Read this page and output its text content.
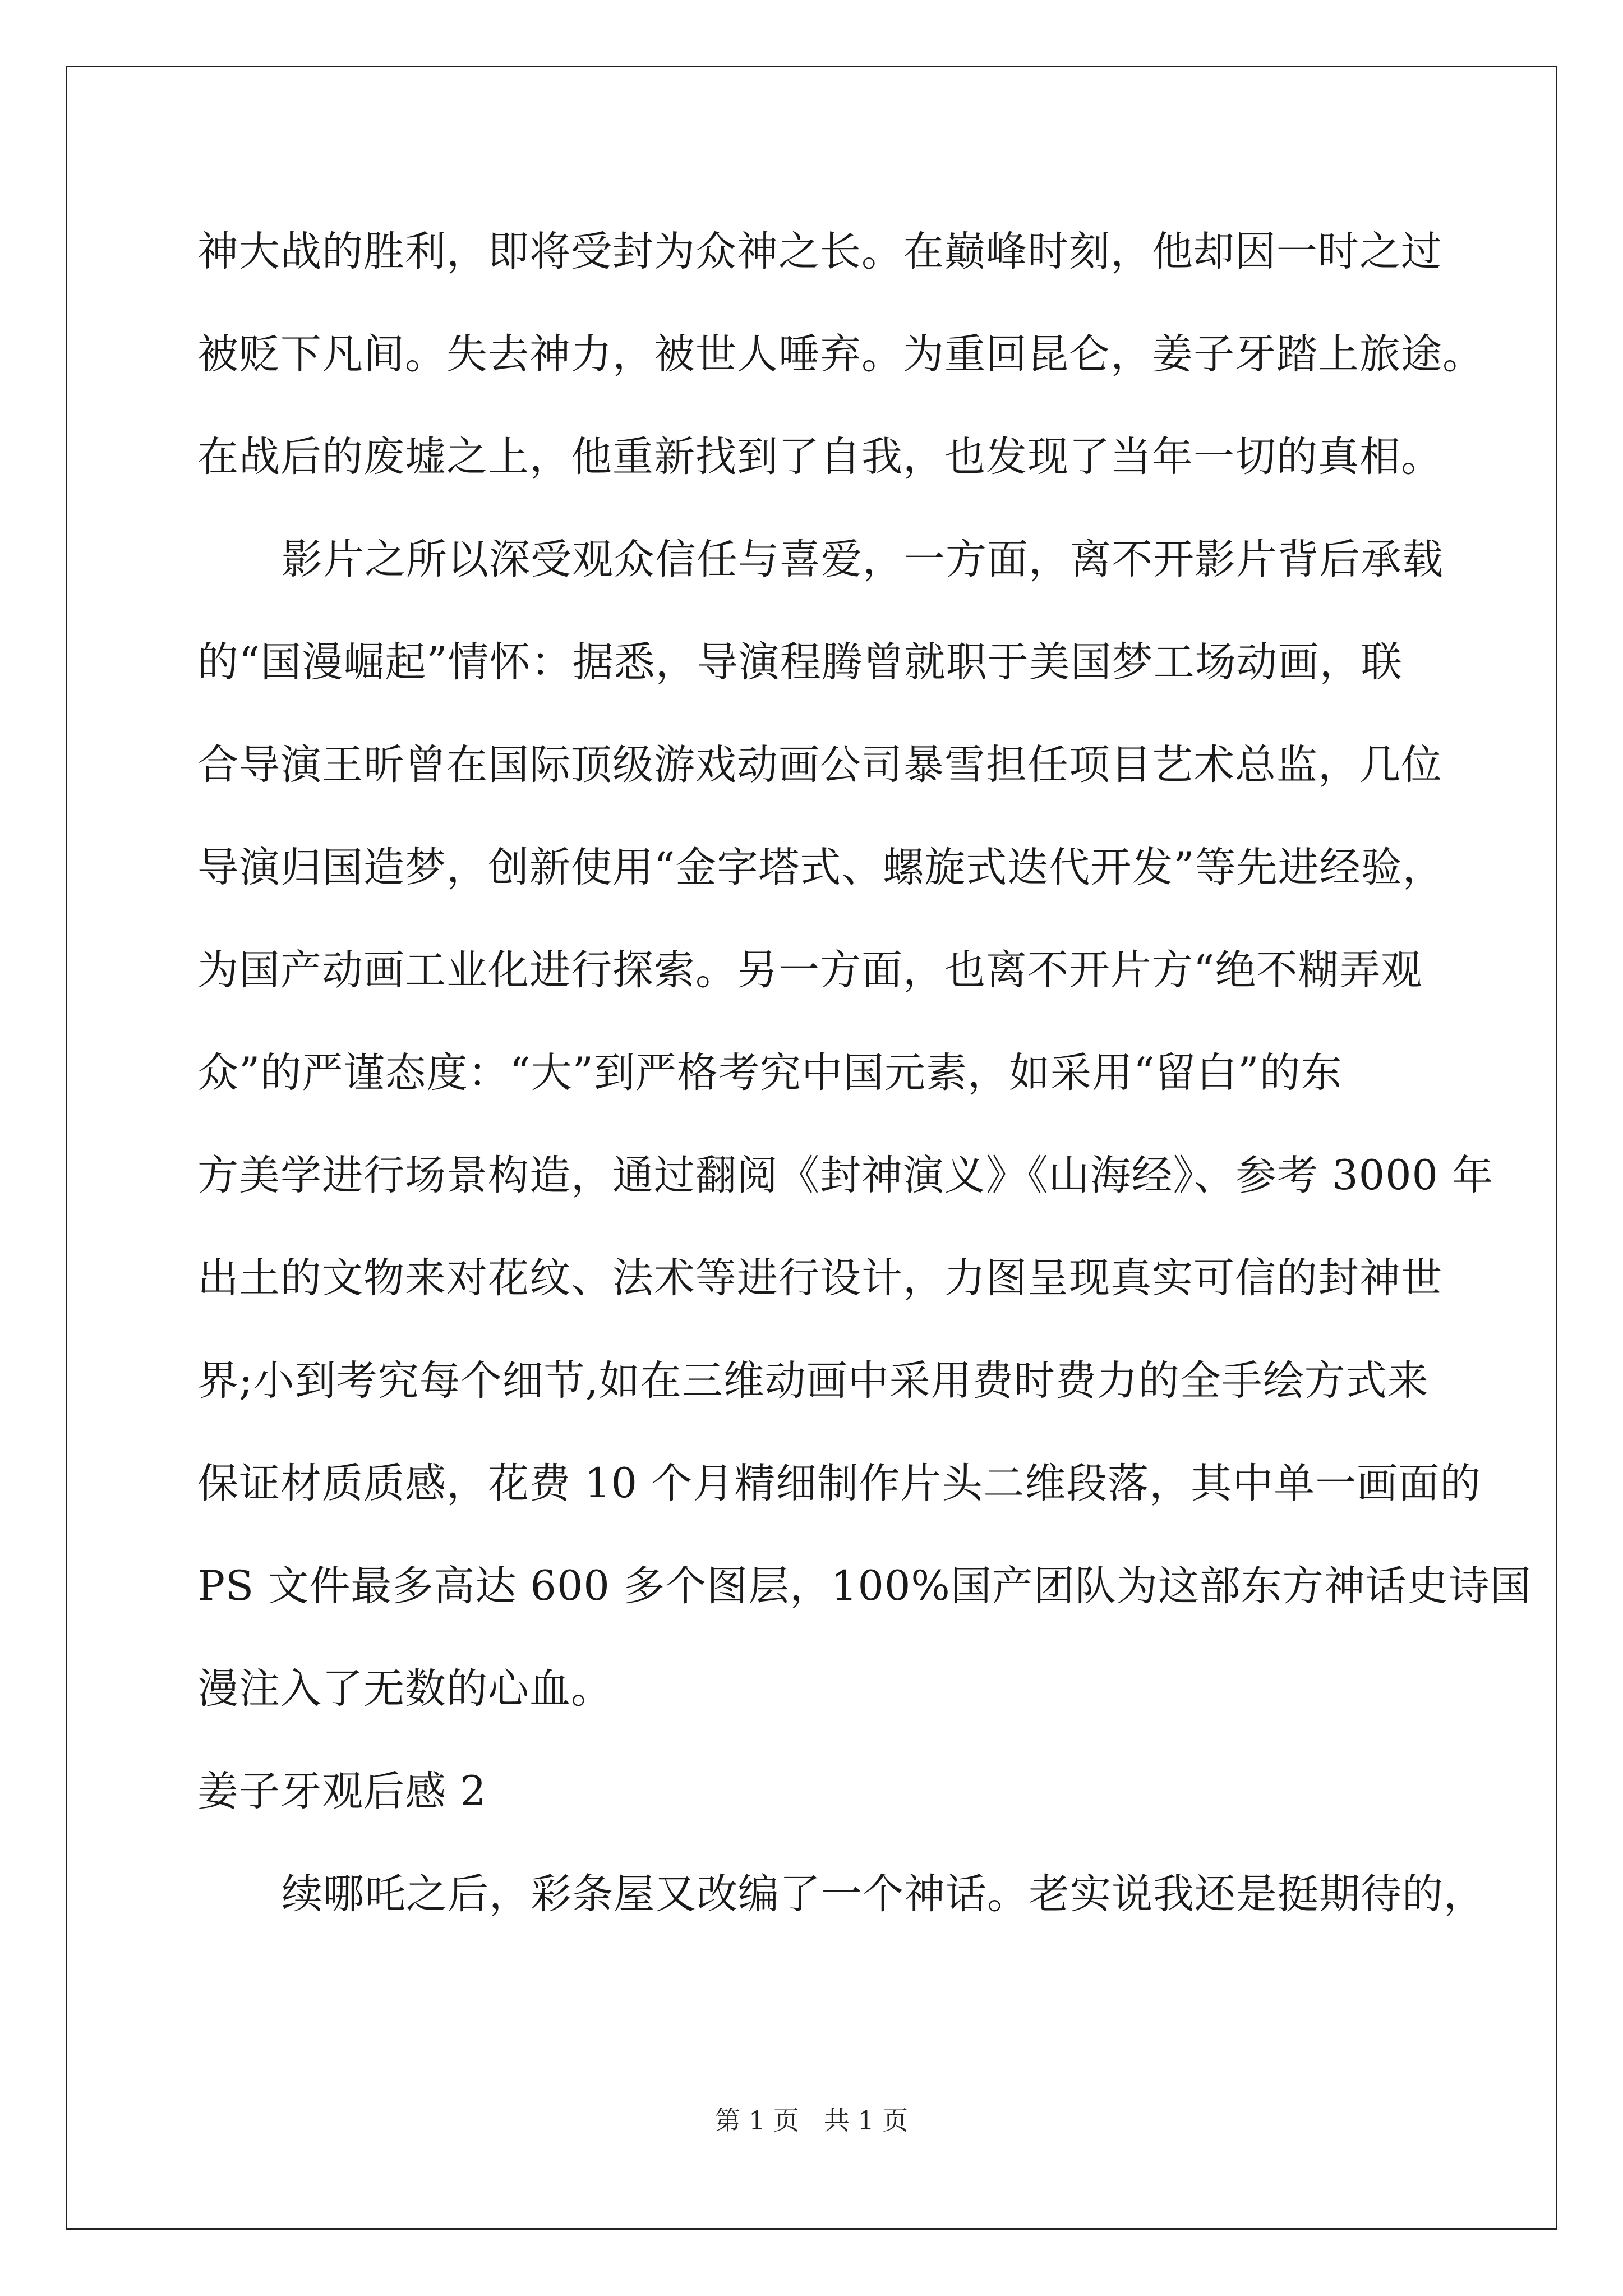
神大战的胜利，即将受封为众神之长。在巅峰时刻，他却因一时之过
被贬下凡间。失去神力，被世人唾弃。为重回昆仑，姜子牙踏上旅途。
在战后的废墟之上，他重新找到了自我，也发现了当年一切的真相。
影片之所以深受观众信任与喜爱，一方面，离不开影片背后承载
的“国漫崛起”情怀：据悉，导演程腾曾就职于美国梦工场动画，联
合导演王昕曾在国际顶级游戏动画公司暴雪担任项目艺术总监，几位
导演归国造梦，创新使用“金字塔式、螺旋式迭代开发”等先进经验，
为国产动画工业化进行探索。另一方面，也离不开片方“绝不糊弄观
众”的严谨态度：“大”到严格考究中国元素，如采用“留白”的东
方美学进行场景构造，通过翻阅《封神演义》《山海经》、参考 3000 年
出土的文物来对花纹、法术等进行设计，力图呈现真实可信的封神世
界;小到考究每个细节,如在三维动画中采用费时费力的全手绘方式来
保证材质质感，花费 10 个月精细制作片头二维段落，其中单一画面的
PS 文件最多高达 600 多个图层，100%国产团队为这部东方神话史诗国
漫注入了无数的心血。
姜子牙观后感 2
续哪吒之后，彩条屋又改编了一个神话。老实说我还是挺期待的，
第 1 页   共 1 页
